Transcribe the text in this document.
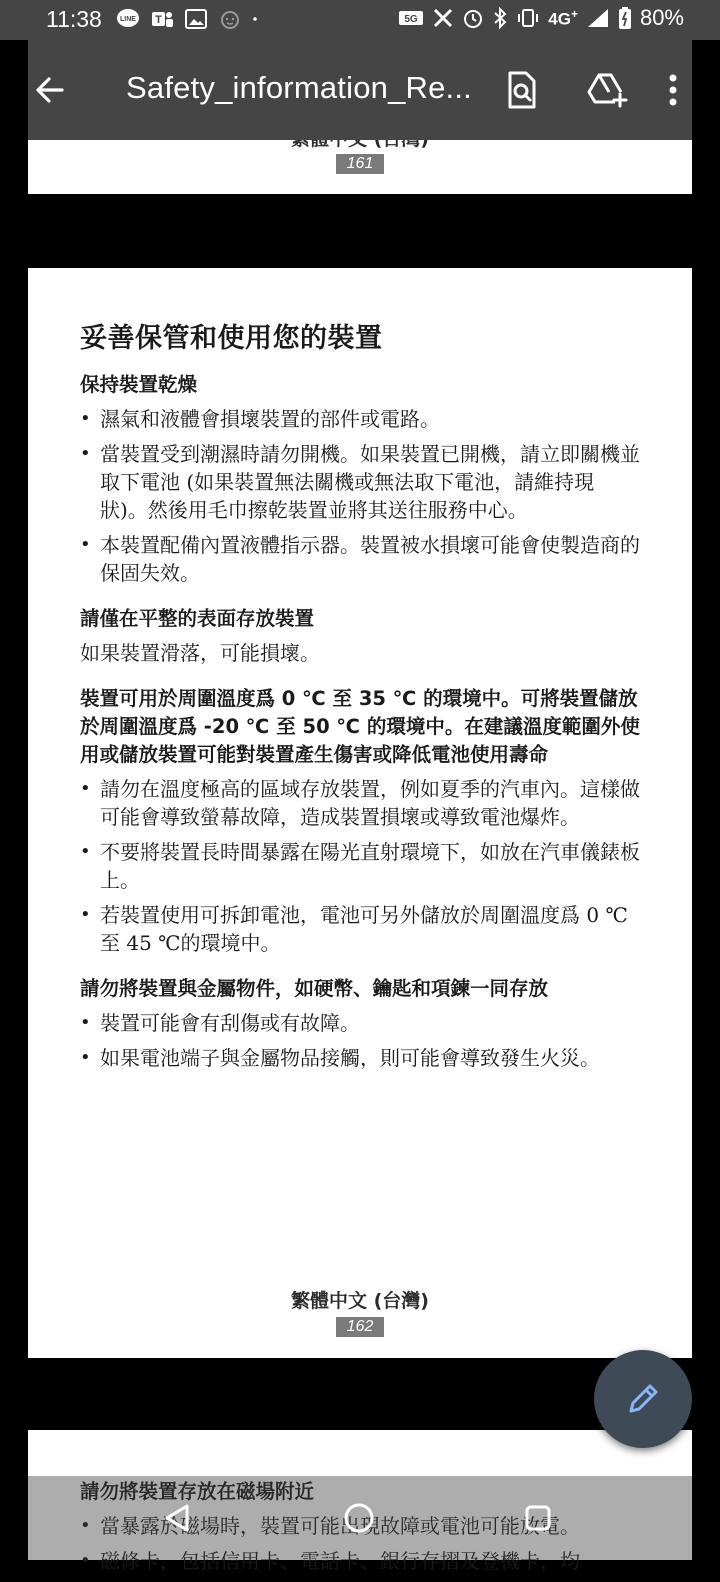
11:38	LINE T	5G	4G+	80%
161
Safety_information_Re...
妥善保管和使用您的裝置
保持裝置乾燥
• 濕氣和液體會損壞裝置的部件或電路。
• 當裝置受到潮濕時請勿開機。如果裝置已開機，請立即關機並取下電池 (如果裝置無法關機或無法取下電池，請維持現狀)。然後用毛巾擦乾裝置並將其送往服務中心。
• 本裝置配備內置液體指示器。裝置被水損壞可能會使製造商的保固失效。
請僅在平整的表面存放裝置

如果裝置滑落，可能損壞。

裝置可用於周圍溫度爲 0 ℃ 至 35 ℃ 的環境中。可將裝置儲放於周圍溫度爲 -20 ℃ 至 50 ℃ 的環境中。在建議溫度範圍外使用或儲放裝置可能對裝置產生傷害或降低電池使用壽命
• 請勿在溫度極高的區域存放裝置，例如夏季的汽車內。這樣做可能會導致螢幕故障，造成裝置損壞或導致電池爆炸。
• 不要將裝置長時間暴露在陽光直射環境下，如放在汽車儀錶板上。
• 若裝置使用可拆卸電池，電池可另外儲放於周圍溫度爲 0 ℃ 至 45 ℃的環境中。
請勿將裝置與金屬物件，如硬幣、鑰匙和項鍊一同存放
• 裝置可能會有刮傷或有故障。
• 如果電池端子與金屬物品接觸，則可能會導致發生火災。
繁體中文 (台灣)
162
請勿將裝置存放在磁場附近
• 當暴露於磁場時，裝置可能出現故障或電池可能放電。
• 磁條卡，包括信用卡、電話卡、銀行存摺及登機卡，均
